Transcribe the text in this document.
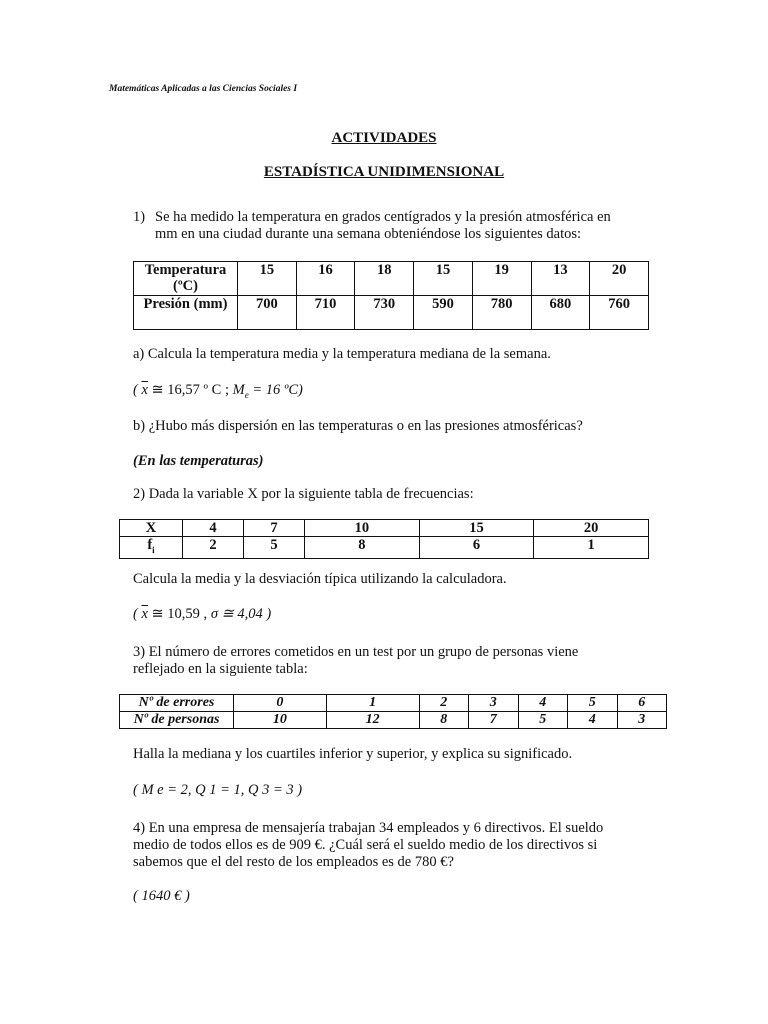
Matemáticas Aplicadas a las Ciencias Sociales I
ACTIVIDADES
ESTADÍSTICA UNIDIMENSIONAL
1) Se ha medido la temperatura en grados centígrados y la presión atmosférica en
mm en una ciudad durante una semana obteniéndose los siguientes datos:
Temperatura (ºC)	15	16	18	15	19	13	20
Presión (mm)	700	710	730	590	780	680	760
a) Calcula la temperatura media y la temperatura mediana de la semana.
( $\overline{x}$ ≅ 16,57 º C ; $M_e = 16$ ºC)
b) ¿Hubo más dispersión en las temperaturas o en las presiones atmosféricas?
(En las temperaturas)
2) Dada la variable X por la siguiente tabla de frecuencias:
X	4	7	10	15	20
$f_i$	2	5	8	6	1
Calcula la media y la desviación típica utilizando la calculadora.
( $\overline{x}$ ≅ 10,59 , σ ≅ 4,04 )
3) El número de errores cometidos en un test por un grupo de personas viene
reflejado en la siguiente tabla:
Nº de errores	0	1	2	3	4	5	6
Nº de personas	10	12	8	7	5	4	3
Halla la mediana y los cuartiles inferior y superior, y explica su significado.
( M e = 2, Q 1 = 1, Q 3 = 3 )
4) En una empresa de mensajería trabajan 34 empleados y 6 directivos. El sueldo
medio de todos ellos es de 909 €. ¿Cuál será el sueldo medio de los directivos si
sabemos que el del resto de los empleados es de 780 €?
( 1640 € )
